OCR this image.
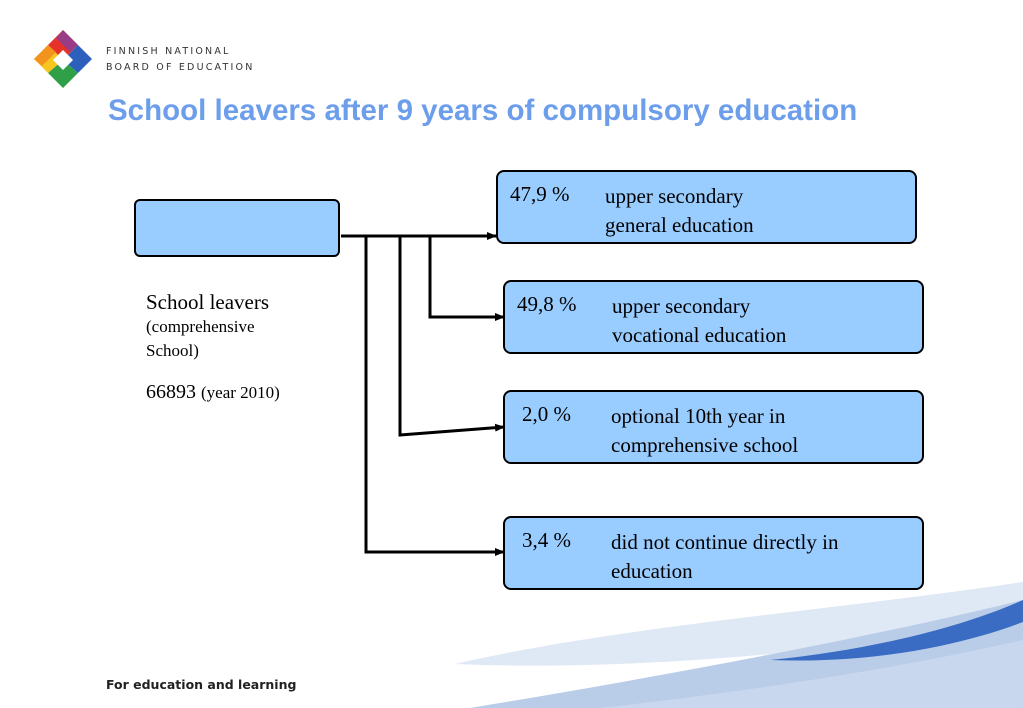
FINNISH NATIONAL
BOARD OF EDUCATION
School leavers after 9 years of compulsory education
School leavers
(comprehensive
School)
66893 (year 2010)
47,9 % upper secondary
general education
49,8 % upper secondary
vocational education
2,0 % optional 10th year in
comprehensive school
3,4 % did not continue directly in
education
For education and learning
